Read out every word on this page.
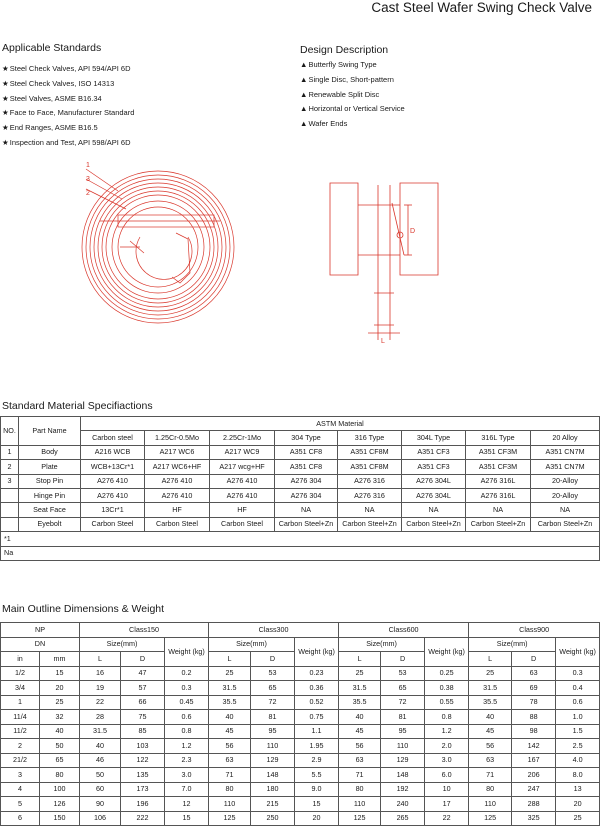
Cast Steel Wafer Swing Check Valve
Applicable Standards
★Steel Check Valves, API 594/API 6D
★Steel Check Valves, ISO 14313
★Steel Valves, ASME B16.34
★Face to Face, Manufacturer Standard
★End Ranges, ASME B16.5
★Inspection and Test, API 598/API 6D
Design Description
▲Butterfly Swing Type
▲Single Disc, Short-pattern
▲Renewable Split Disc
▲Horizontal or Vertical Service
▲Wafer Ends
1
3
2
D
L
Standard Material Specifiactions
NO.	Part Name	ASTM Material							
		Carbon steel	1.25Cr-0.5Mo	2.25Cr-1Mo	304 Type	316 Type	304L Type	316L Type	20 Alloy
1	Body	A216 WCB	A217 WC6	A217 WC9	A351 CF8	A351 CF8M	A351 CF3	A351 CF3M	A351 CN7M
2	Plate	WCB+13Cr*1	A217 WC6+HF	A217 wcg+HF	A351 CF8	A351 CF8M	A351 CF3	A351 CF3M	A351 CN7M
3	Stop Pin	A276 410	A276 410	A276 410	A276 304	A276 316	A276 304L	A276 316L	20-Alloy
	Hinge Pin	A276 410	A276 410	A276 410	A276 304	A276 316	A276 304L	A276 316L	20-Alloy
	Seat Face	13Cr*1	HF	HF	NA	NA	NA	NA	NA
	Eyebolt	Carbon Steel	Carbon Steel	Carbon Steel	Carbon Steel+Zn	Carbon Steel+Zn	Carbon Steel+Zn	Carbon Steel+Zn	Carbon Steel+Zn
*1									
Na									
Main Outline Dimensions & Weight
NP		Class150			Class300			Class600			Class900		
DN		Size(mm)		Weight (kg)	Size(mm)		Weight (kg)	Size(mm)		Weight (kg)	Size(mm)		Weight (kg)
in	mm	L	D		L	D		L	D		L	D	
1/2	15	16	47	0.2	25	53	0.23	25	53	0.25	25	63	0.3
3/4	20	19	57	0.3	31.5	65	0.36	31.5	65	0.38	31.5	69	0.4
1	25	22	66	0.45	35.5	72	0.52	35.5	72	0.55	35.5	78	0.6
11/4	32	28	75	0.6	40	81	0.75	40	81	0.8	40	88	1.0
11/2	40	31.5	85	0.8	45	95	1.1	45	95	1.2	45	98	1.5
2	50	40	103	1.2	56	110	1.95	56	110	2.0	56	142	2.5
21/2	65	46	122	2.3	63	129	2.9	63	129	3.0	63	167	4.0
3	80	50	135	3.0	71	148	5.5	71	148	6.0	71	206	8.0
4	100	60	173	7.0	80	180	9.0	80	192	10	80	247	13
5	126	90	196	12	110	215	15	110	240	17	110	288	20
6	150	106	222	15	125	250	20	125	265	22	125	325	25
